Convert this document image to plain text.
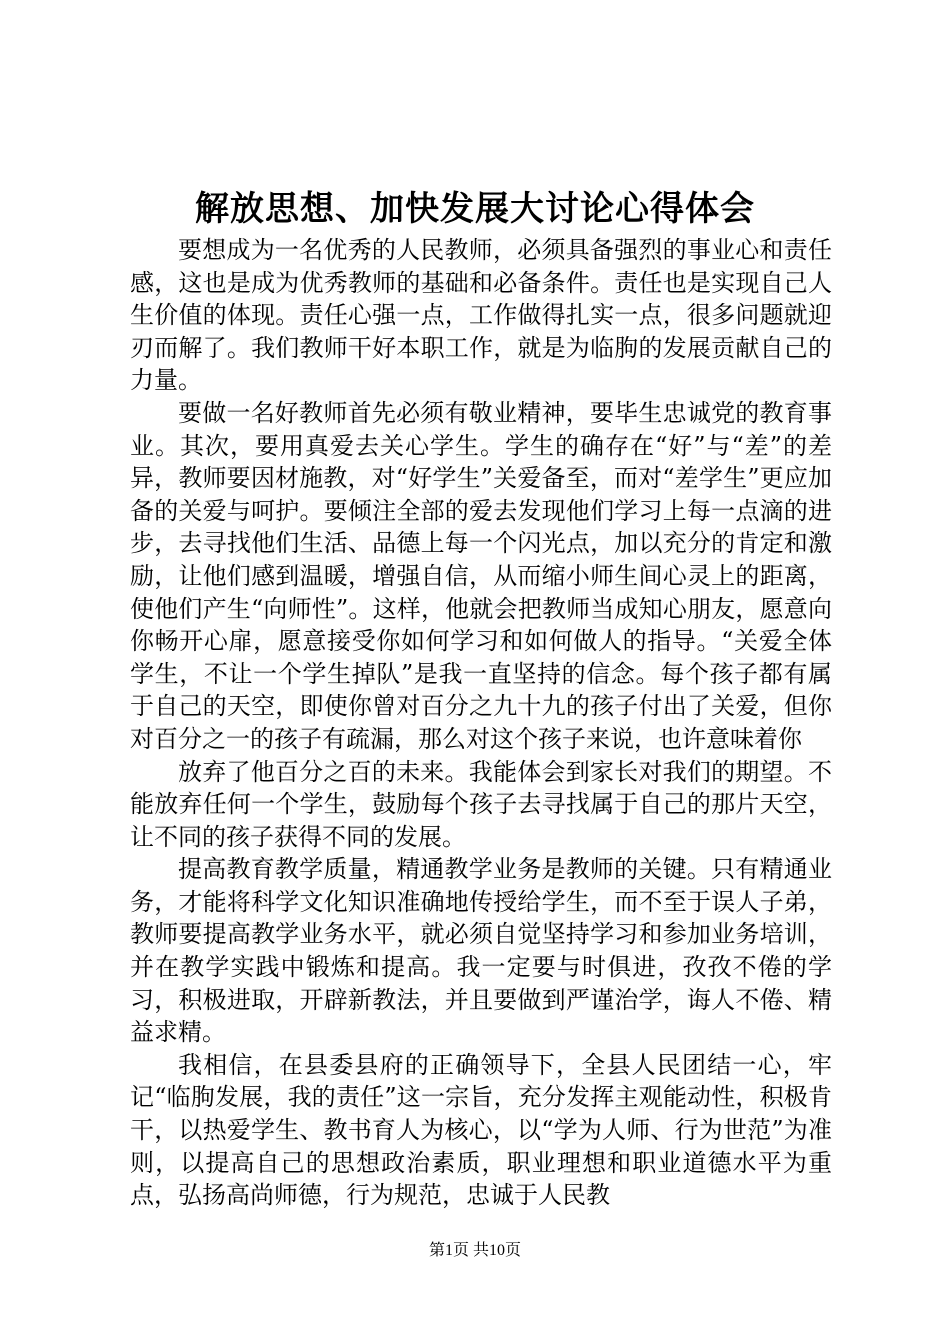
解放思想、加快发展大讨论心得体会

要想成为一名优秀的人民教师，必须具备强烈的事业心和责任感，这也是成为优秀教师的基础和必备条件。责任也是实现自己人生价值的体现。责任心强一点，工作做得扎实一点，很多问题就迎刃而解了。我们教师干好本职工作，就是为临朐的发展贡献自己的力量。

要做一名好教师首先必须有敬业精神，要毕生忠诚党的教育事业。其次，要用真爱去关心学生。学生的确存在“好”与“差”的差异，教师要因材施教，对“好学生”关爱备至，而对“差学生”更应加备的关爱与呵护。要倾注全部的爱去发现他们学习上每一点滴的进步，去寻找他们生活、品德上每一个闪光点，加以充分的肯定和激励，让他们感到温暖，增强自信，从而缩小师生间心灵上的距离，使他们产生“向师性”。这样，他就会把教师当成知心朋友，愿意向你畅开心扉，愿意接受你如何学习和如何做人的指导。“关爱全体学生，不让一个学生掉队”是我一直坚持的信念。每个孩子都有属于自己的天空，即使你曾对百分之九十九的孩子付出了关爱，但你对百分之一的孩子有疏漏，那么对这个孩子来说，也许意味着你

放弃了他百分之百的未来。我能体会到家长对我们的期望。不能放弃任何一个学生，鼓励每个孩子去寻找属于自己的那片天空，让不同的孩子获得不同的发展。

提高教育教学质量，精通教学业务是教师的关键。只有精通业务，才能将科学文化知识准确地传授给学生，而不至于误人子弟，教师要提高教学业务水平，就必须自觉坚持学习和参加业务培训，并在教学实践中锻炼和提高。我一定要与时俱进，孜孜不倦的学习，积极进取，开辟新教法，并且要做到严谨治学，诲人不倦、精益求精。

我相信，在县委县府的正确领导下，全县人民团结一心，牢记“临朐发展，我的责任”这一宗旨，充分发挥主观能动性，积极肯干，以热爱学生、教书育人为核心，以“学为人师、行为世范”为准则，以提高自己的思想政治素质，职业理想和职业道德水平为重点，弘扬高尚师德，行为规范，忠诚于人民教

第1页 共10页
